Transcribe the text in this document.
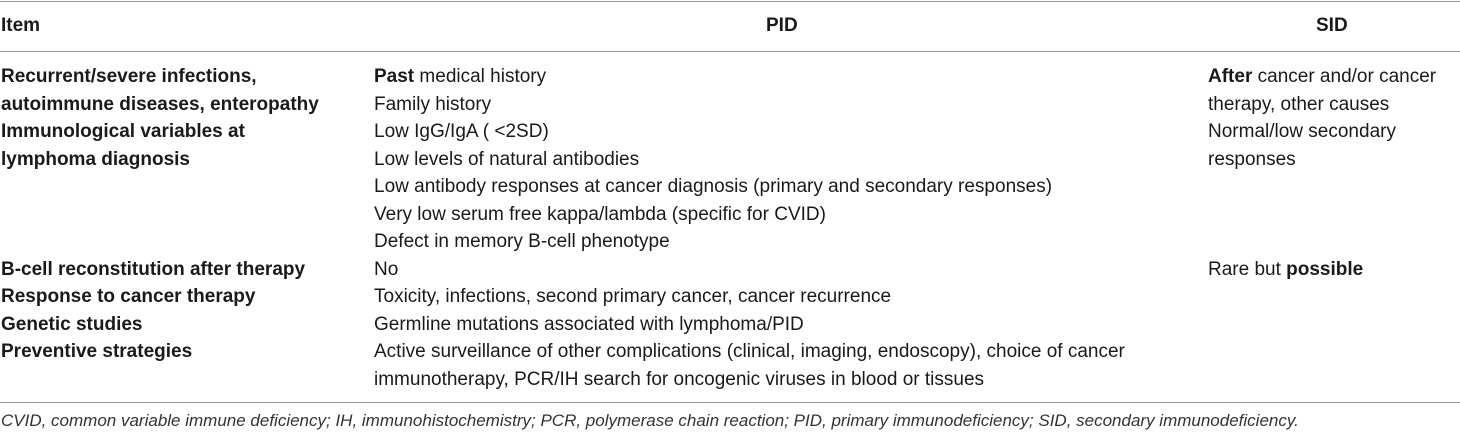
Item	PID	SID
Recurrent/severe infections,
autoimmune diseases, enteropathy
Immunological variables at
lymphoma diagnosis
B-cell reconstitution after therapy
Response to cancer therapy
Genetic studies
Preventive strategies
Past medical history
Family history
Low IgG/IgA ( <2SD)
Low levels of natural antibodies
Low antibody responses at cancer diagnosis (primary and secondary responses)
Very low serum free kappa/lambda (specific for CVID)
Defect in memory B-cell phenotype
No
Toxicity, infections, second primary cancer, cancer recurrence
Germline mutations associated with lymphoma/PID
Active surveillance of other complications (clinical, imaging, endoscopy), choice of cancer
immunotherapy, PCR/IH search for oncogenic viruses in blood or tissues
After cancer and/or cancer
therapy, other causes
Normal/low secondary
responses
Rare but possible
CVID, common variable immune deficiency; IH, immunohistochemistry; PCR, polymerase chain reaction; PID, primary immunodeficiency; SID, secondary immunodeficiency.
